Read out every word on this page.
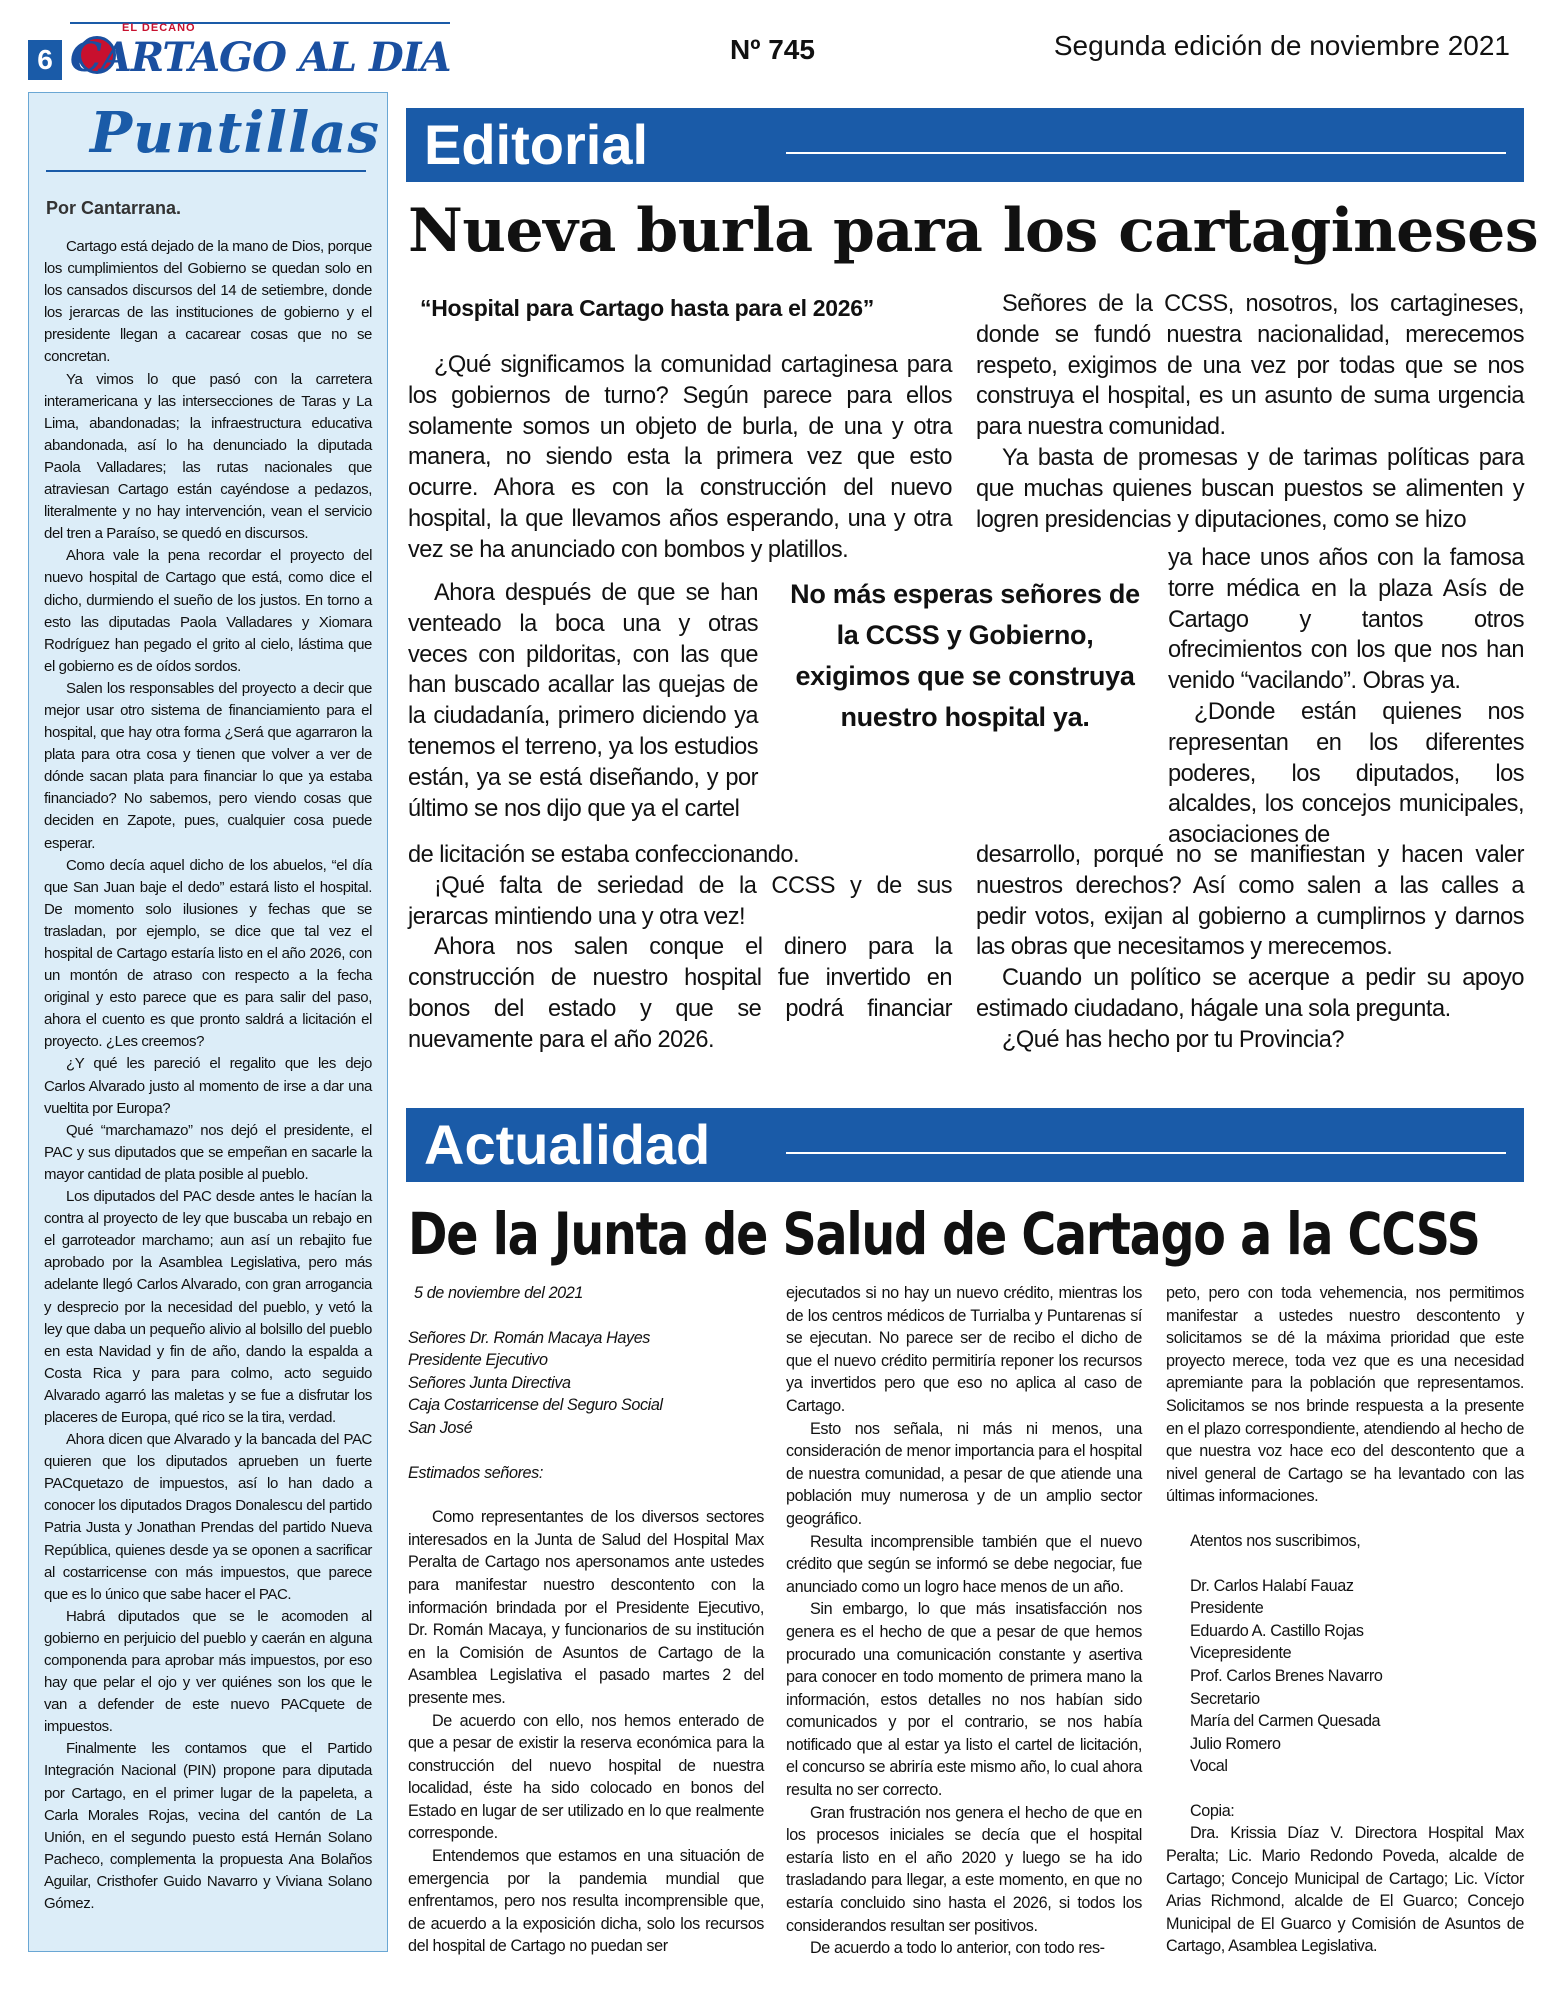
6
EL DECANO
CARTAGO AL DIA	Nº 745	Segunda edición de noviembre 2021
Puntillas
Por Cantarrana.

Cartago está dejado de la mano de Dios, porque los cumplimientos del Gobierno se quedan solo en los cansados discursos del 14 de setiembre, donde los jerarcas de las instituciones de gobierno y el presidente llegan a cacarear cosas que no se concretan.

Ya vimos lo que pasó con la carretera interamericana y las intersecciones de Taras y La Lima, abandonadas; la infraestructura educativa abandonada, así lo ha denunciado la diputada Paola Valladares; las rutas nacionales que atraviesan Cartago están cayéndose a pedazos, literalmente y no hay intervención, vean el servicio del tren a Paraíso, se quedó en discursos.

Ahora vale la pena recordar el proyecto del nuevo hospital de Cartago que está, como dice el dicho, durmiendo el sueño de los justos. En torno a esto las diputadas Paola Valladares y Xiomara Rodríguez han pegado el grito al cielo, lástima que el gobierno es de oídos sordos.

Salen los responsables del proyecto a decir que mejor usar otro sistema de financiamiento para el hospital, que hay otra forma ¿Será que agarraron la plata para otra cosa y tienen que volver a ver de dónde sacan plata para financiar lo que ya estaba financiado? No sabemos, pero viendo cosas que deciden en Zapote, pues, cualquier cosa puede esperar.

Como decía aquel dicho de los abuelos, “el día que San Juan baje el dedo” estará listo el hospital. De momento solo ilusiones y fechas que se trasladan, por ejemplo, se dice que tal vez el hospital de Cartago estaría listo en el año 2026, con un montón de atraso con respecto a la fecha original y esto parece que es para salir del paso, ahora el cuento es que pronto saldrá a licitación el proyecto. ¿Les creemos?

¿Y qué les pareció el regalito que les dejo Carlos Alvarado justo al momento de irse a dar una vueltita por Europa?

Qué “marchamazo” nos dejó el presidente, el PAC y sus diputados que se empeñan en sacarle la mayor cantidad de plata posible al pueblo.

Los diputados del PAC desde antes le hacían la contra al proyecto de ley que buscaba un rebajo en el garroteador marchamo; aun así un rebajito fue aprobado por la Asamblea Legislativa, pero más adelante llegó Carlos Alvarado, con gran arrogancia y desprecio por la necesidad del pueblo, y vetó la ley que daba un pequeño alivio al bolsillo del pueblo en esta Navidad y fin de año, dando la espalda a Costa Rica y para para colmo, acto seguido Alvarado agarró las maletas y se fue a disfrutar los placeres de Europa, qué rico se la tira, verdad.

Ahora dicen que Alvarado y la bancada del PAC quieren que los diputados aprueben un fuerte PACquetazo de impuestos, así lo han dado a conocer los diputados Dragos Donalescu del partido Patria Justa y Jonathan Prendas del partido Nueva República, quienes desde ya se oponen a sacrificar al costarricense con más impuestos, que parece que es lo único que sabe hacer el PAC.

Habrá diputados que se le acomoden al gobierno en perjuicio del pueblo y caerán en alguna componenda para aprobar más impuestos, por eso hay que pelar el ojo y ver quiénes son los que le van a defender de este nuevo PACquete de impuestos.

Finalmente les contamos que el Partido Integración Nacional (PIN) propone para diputada por Cartago, en el primer lugar de la papeleta, a Carla Morales Rojas, vecina del cantón de La Unión, en el segundo puesto está Hernán Solano Pacheco, complementa la propuesta Ana Bolaños Aguilar, Cristhofer Guido Navarro y Viviana Solano Gómez.

Editorial
Nueva burla para los cartagineses
“Hospital para Cartago hasta para el 2026”

¿Qué significamos la comunidad cartaginesa para los gobiernos de turno? Según parece para ellos solamente somos un objeto de burla, de una y otra manera, no siendo esta la primera vez que esto ocurre. Ahora es con la construcción del nuevo hospital, la que llevamos años esperando, una y otra vez se ha anunciado con bombos y platillos.

Ahora después de que se han venteado la boca una y otras veces con pildoritas, con las que han buscado acallar las quejas de la ciudadanía, primero diciendo ya tenemos el terreno, ya los estudios están, ya se está diseñando, y por último se nos dijo que ya el cartel

de licitación se estaba confeccionando.

¡Qué falta de seriedad de la CCSS y de sus jerarcas mintiendo una y otra vez!

Ahora nos salen conque el dinero para la construcción de nuestro hospital fue invertido en bonos del estado y que se podrá financiar nuevamente para el año 2026.

No más esperas señores de la CCSS y Gobierno, exigimos que se construya nuestro hospital ya.

Señores de la CCSS, nosotros, los cartagineses, donde se fundó nuestra nacionalidad, merecemos respeto, exigimos de una vez por todas que se nos construya el hospital, es un asunto de suma urgencia para nuestra comunidad.

Ya basta de promesas y de tarimas políticas para que muchas quienes buscan puestos se alimenten y logren presidencias y diputaciones, como se hizo

ya hace unos años con la famosa torre médica en la plaza Asís de Cartago y tantos otros ofrecimientos con los que nos han venido “vacilando”. Obras ya.

¿Donde están quienes nos representan en los diferentes poderes, los diputados, los alcaldes, los concejos municipales, asociaciones de

desarrollo, porqué no se manifiestan y hacen valer nuestros derechos? Así como salen a las calles a pedir votos, exijan al gobierno a cumplirnos y darnos las obras que necesitamos y merecemos.

Cuando un político se acerque a pedir su apoyo estimado ciudadano, hágale una sola pregunta.

¿Qué has hecho por tu Provincia?

Actualidad
De la Junta de Salud de Cartago a la CCSS

5 de noviembre del 2021

Señores Dr. Román Macaya Hayes
Presidente Ejecutivo
Señores Junta Directiva
Caja Costarricense del Seguro Social
San José

Estimados señores:

Como representantes de los diversos sectores interesados en la Junta de Salud del Hospital Max Peralta de Cartago nos apersonamos ante ustedes para manifestar nuestro descontento con la información brindada por el Presidente Ejecutivo, Dr. Román Macaya, y funcionarios de su institución en la Comisión de Asuntos de Cartago de la Asamblea Legislativa el pasado martes 2 del presente mes.

De acuerdo con ello, nos hemos enterado de que a pesar de existir la reserva económica para la construcción del nuevo hospital de nuestra localidad, éste ha sido colocado en bonos del Estado en lugar de ser utilizado en lo que realmente corresponde.

Entendemos que estamos en una situación de emergencia por la pandemia mundial que enfrentamos, pero nos resulta incomprensible que, de acuerdo a la exposición dicha, solo los recursos del hospital de Cartago no puedan ser

ejecutados si no hay un nuevo crédito, mientras los de los centros médicos de Turrialba y Puntarenas sí se ejecutan. No parece ser de recibo el dicho de que el nuevo crédito permitiría reponer los recursos ya invertidos pero que eso no aplica al caso de Cartago.

Esto nos señala, ni más ni menos, una consideración de menor importancia para el hospital de nuestra comunidad, a pesar de que atiende una población muy numerosa y de un amplio sector geográfico.

Resulta incomprensible también que el nuevo crédito que según se informó se debe negociar, fue anunciado como un logro hace menos de un año.

Sin embargo, lo que más insatisfacción nos genera es el hecho de que a pesar de que hemos procurado una comunicación constante y asertiva para conocer en todo momento de primera mano la información, estos detalles no nos habían sido comunicados y por el contrario, se nos había notificado que al estar ya listo el cartel de licitación, el concurso se abriría este mismo año, lo cual ahora resulta no ser correcto.

Gran frustración nos genera el hecho de que en los procesos iniciales se decía que el hospital estaría listo en el año 2020 y luego se ha ido trasladando para llegar, a este momento, en que no estaría concluido sino hasta el 2026, si todos los considerandos resultan ser positivos.

De acuerdo a todo lo anterior, con todo res-

peto, pero con toda vehemencia, nos permitimos manifestar a ustedes nuestro descontento y solicitamos se dé la máxima prioridad que este proyecto merece, toda vez que es una necesidad apremiante para la población que representamos. Solicitamos se nos brinde respuesta a la presente en el plazo correspondiente, atendiendo al hecho de que nuestra voz hace eco del descontento que a nivel general de Cartago se ha levantado con las últimas informaciones.

Atentos nos suscribimos,

Dr. Carlos Halabí Fauaz
Presidente
Eduardo A. Castillo Rojas
Vicepresidente
Prof. Carlos Brenes Navarro
Secretario
María del Carmen Quesada
Julio Romero
Vocal

Copia:

Dra. Krissia Díaz V. Directora Hospital Max Peralta; Lic. Mario Redondo Poveda, alcalde de Cartago; Concejo Municipal de Cartago; Lic. Víctor Arias Richmond, alcalde de El Guarco; Concejo Municipal de El Guarco y Comisión de Asuntos de Cartago, Asamblea Legislativa.
